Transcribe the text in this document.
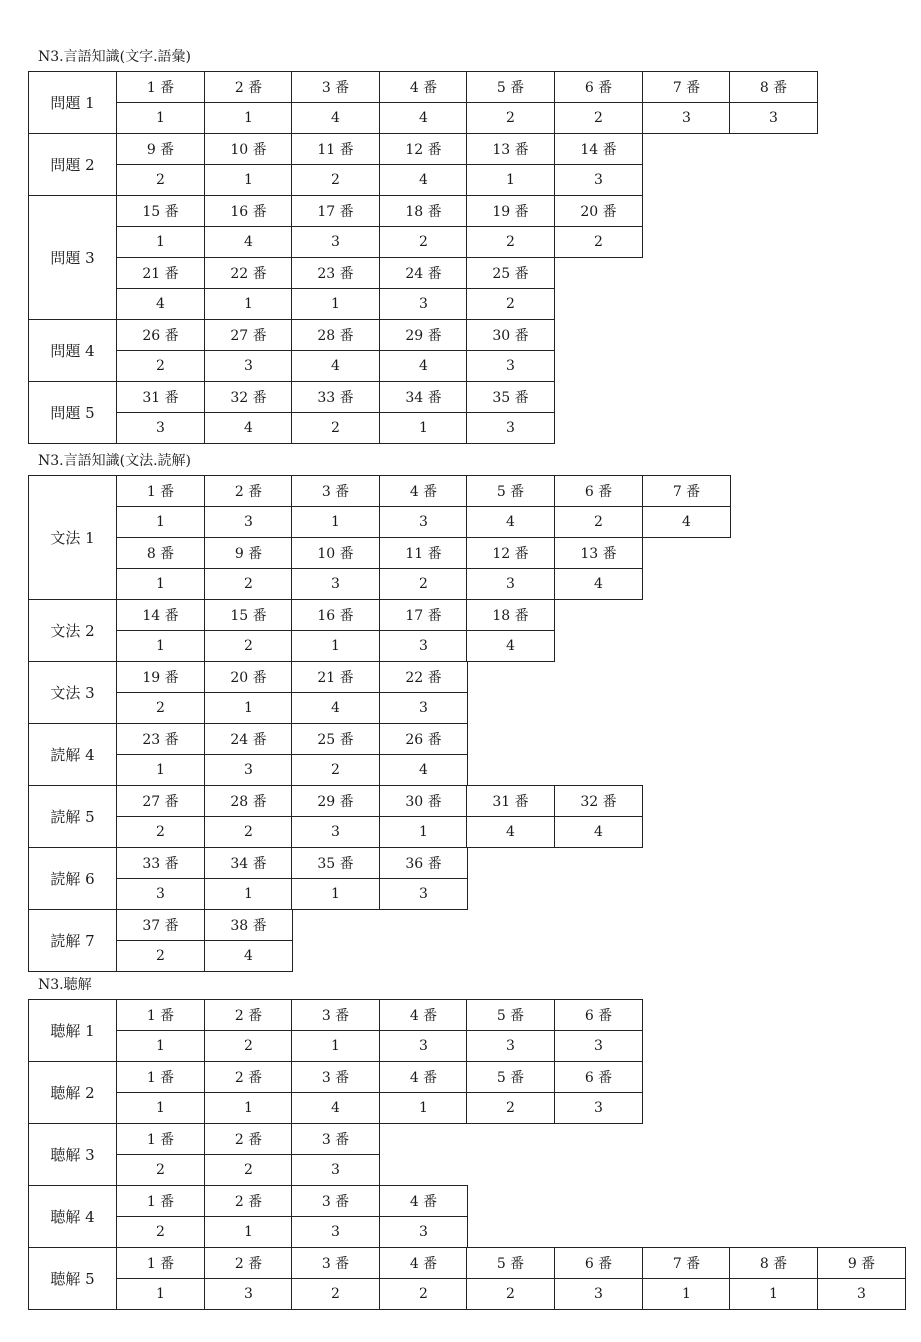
N3.言語知識(文字.語彙)
問題 1
1 番
1
2 番
1
3 番
4
4 番
4
5 番
2
6 番
2
7 番
3
8 番
3
問題 2
9 番
2
10 番
1
11 番
2
12 番
4
13 番
1
14 番
3
問題 3
15 番
1
16 番
4
17 番
3
18 番
2
19 番
2
20 番
2
21 番
4
22 番
1
23 番
1
24 番
3
25 番
2
問題 4
26 番
2
27 番
3
28 番
4
29 番
4
30 番
3
問題 5
31 番
3
32 番
4
33 番
2
34 番
1
35 番
3
N3.言語知識(文法.読解)
文法 1
1 番
1
2 番
3
3 番
1
4 番
3
5 番
4
6 番
2
7 番
4
8 番
1
9 番
2
10 番
3
11 番
2
12 番
3
13 番
4
文法 2
14 番
1
15 番
2
16 番
1
17 番
3
18 番
4
文法 3
19 番
2
20 番
1
21 番
4
22 番
3
読解 4
23 番
1
24 番
3
25 番
2
26 番
4
読解 5
27 番
2
28 番
2
29 番
3
30 番
1
31 番
4
32 番
4
読解 6
33 番
3
34 番
1
35 番
1
36 番
3
読解 7
37 番
2
38 番
4
N3.聴解
聴解 1
1 番
1
2 番
2
3 番
1
4 番
3
5 番
3
6 番
3
聴解 2
1 番
1
2 番
1
3 番
4
4 番
1
5 番
2
6 番
3
聴解 3
1 番
2
2 番
2
3 番
3
聴解 4
1 番
2
2 番
1
3 番
3
4 番
3
聴解 5
1 番
1
2 番
3
3 番
2
4 番
2
5 番
2
6 番
3
7 番
1
8 番
1
9 番
3
